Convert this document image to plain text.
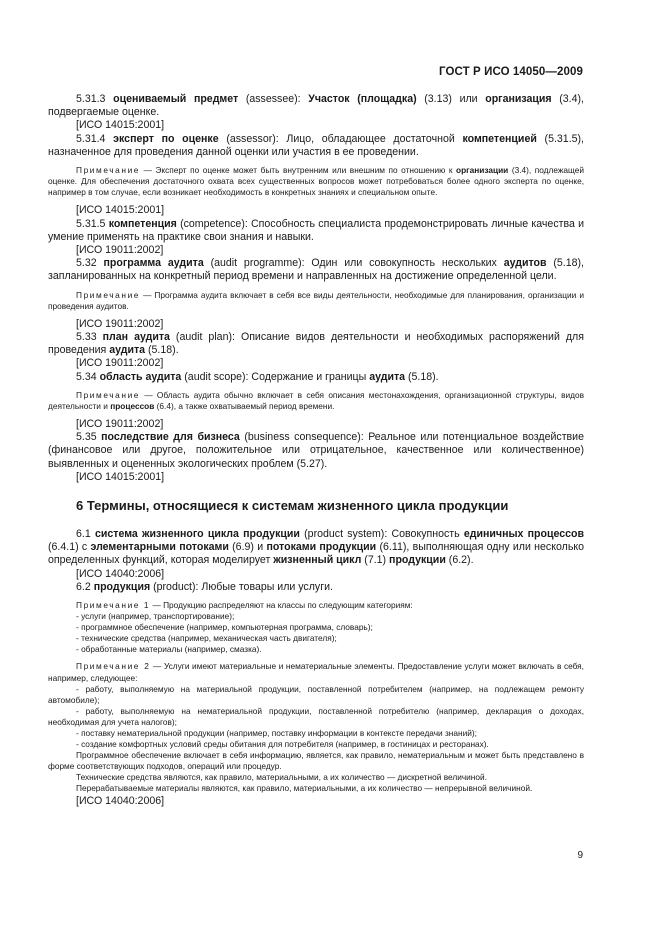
ГОСТ Р ИСО 14050—2009

5.31.3 оцениваемый предмет (assessee): Участок (площадка) (3.13) или организация (3.4), подвергаемые оценке.

[ИСО 14015:2001]

5.31.4 эксперт по оценке (assessor): Лицо, обладающее достаточной компетенцией (5.31.5), назначенное для проведения данной оценки или участия в ее проведении.

Примечание — Эксперт по оценке может быть внутренним или внешним по отношению к организации (3.4), подлежащей оценке. Для обеспечения достаточного охвата всех существенных вопросов может потребоваться более одного эксперта по оценке, например в том случае, если возникает необходимость в конкретных знаниях и специальном опыте.

[ИСО 14015:2001]

5.31.5 компетенция (competence): Способность специалиста продемонстрировать личные качества и умение применять на практике свои знания и навыки.

[ИСО 19011:2002]

5.32 программа аудита (audit programme): Один или совокупность нескольких аудитов (5.18), запланированных на конкретный период времени и направленных на достижение определенной цели.

Примечание — Программа аудита включает в себя все виды деятельности, необходимые для планирования, организации и проведения аудитов.

[ИСО 19011:2002]

5.33 план аудита (audit plan): Описание видов деятельности и необходимых распоряжений для проведения аудита (5.18).

[ИСО 19011:2002]

5.34 область аудита (audit scope): Содержание и границы аудита (5.18).

Примечание — Область аудита обычно включает в себя описания местонахождения, организационной структуры, видов деятельности и процессов (6.4), а также охватываемый период времени.

[ИСО 19011:2002]

5.35 последствие для бизнеса (business consequence): Реальное или потенциальное воздействие (финансовое или другое, положительное или отрицательное, качественное или количественное) выявленных и оцененных экологических проблем (5.27).

[ИСО 14015:2001]

6 Термины, относящиеся к системам жизненного цикла продукции

6.1 система жизненного цикла продукции (product system): Совокупность единичных процессов (6.4.1) с элементарными потоками (6.9) и потоками продукции (6.11), выполняющая одну или несколько определенных функций, которая моделирует жизненный цикл (7.1) продукции (6.2).

[ИСО 14040:2006]

6.2 продукция (product): Любые товары или услуги.

Примечание 1 — Продукцию распределяют на классы по следующим категориям:

- услуги (например, транспортирование);

- программное обеспечение (например, компьютерная программа, словарь);

- технические средства (например, механическая часть двигателя);

- обработанные материалы (например, смазка).

Примечание 2 — Услуги имеют материальные и нематериальные элементы. Предоставление услуги может включать в себя, например, следующее:

- работу, выполняемую на материальной продукции, поставленной потребителем (например, на подлежащем ремонту автомобиле);

- работу, выполняемую на нематериальной продукции, поставленной потребителю (например, декларация о доходах, необходимая для учета налогов);

- поставку нематериальной продукции (например, поставку информации в контексте передачи знаний);

- создание комфортных условий среды обитания для потребителя (например, в гостиницах и ресторанах).

Программное обеспечение включает в себя информацию, является, как правило, нематериальным и может быть представлено в форме соответствующих подходов, операций или процедур.

Технические средства являются, как правило, материальными, а их количество — дискретной величиной.

Перерабатываемые материалы являются, как правило, материальными, а их количество — непрерывной величиной.

[ИСО 14040:2006]

9
